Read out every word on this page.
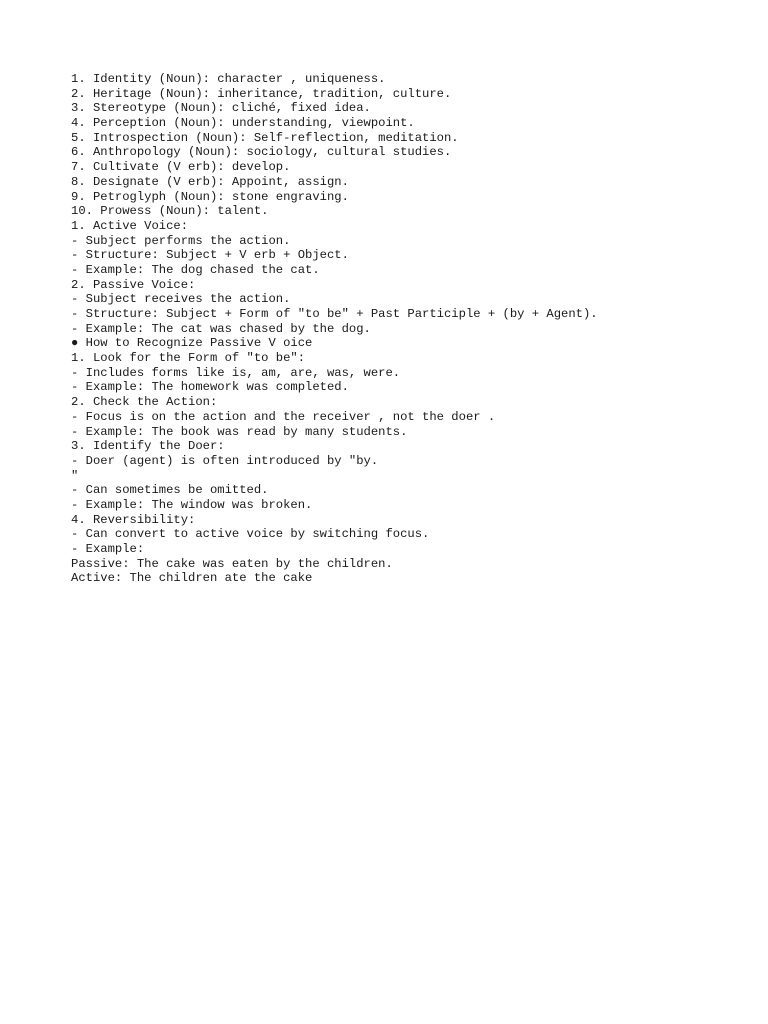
1. Identity (Noun): character , uniqueness.
2. Heritage (Noun): inheritance, tradition, culture.
3. Stereotype (Noun): cliché, fixed idea.
4. Perception (Noun): understanding, viewpoint.
5. Introspection (Noun): Self-reflection, meditation.
6. Anthropology (Noun): sociology, cultural studies.
7. Cultivate (V erb): develop.
8. Designate (V erb): Appoint, assign.
9. Petroglyph (Noun): stone engraving.
10. Prowess (Noun): talent.
1. Active Voice:
- Subject performs the action.
- Structure: Subject + V erb + Object.
- Example: The dog chased the cat.
2. Passive Voice:
- Subject receives the action.
- Structure: Subject + Form of "to be" + Past Participle + (by + Agent).
- Example: The cat was chased by the dog.
● How to Recognize Passive V oice
1. Look for the Form of "to be":
- Includes forms like is, am, are, was, were.
- Example: The homework was completed.
2. Check the Action:
- Focus is on the action and the receiver , not the doer .
- Example: The book was read by many students.
3. Identify the Doer:
- Doer (agent) is often introduced by "by.
"
- Can sometimes be omitted.
- Example: The window was broken.
4. Reversibility:
- Can convert to active voice by switching focus.
- Example:
Passive: The cake was eaten by the children.
Active: The children ate the cake
